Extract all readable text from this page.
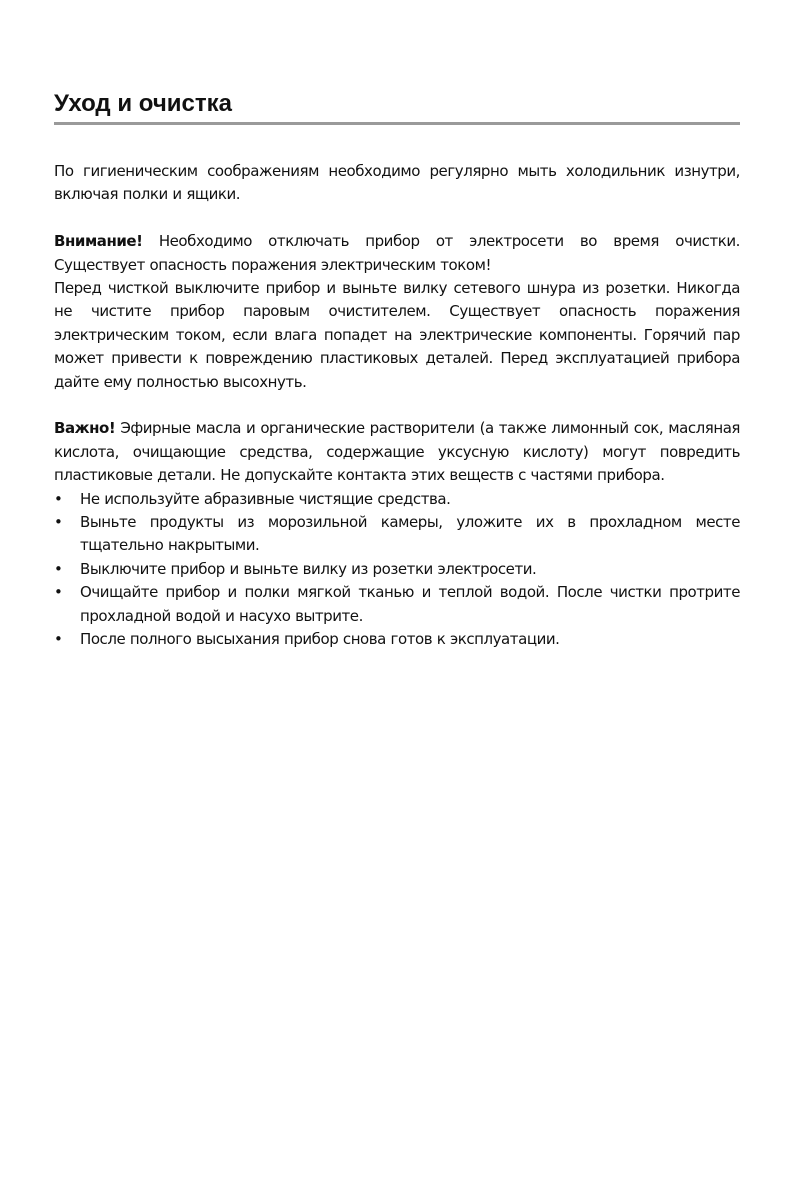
Уход и очистка

По гигиеническим соображениям необходимо регулярно мыть холодильник изнутри, включая полки и ящики.

Внимание! Необходимо отключать прибор от электросети во время очистки. Существует опасность поражения электрическим током!

Перед чисткой выключите прибор и выньте вилку сетевого шнура из розетки. Никогда не чистите прибор паровым очистителем. Существует опасность поражения электрическим током, если влага попадет на электрические компоненты. Горячий пар может привести к повреждению пластиковых деталей. Перед эксплуатацией прибора дайте ему полностью высохнуть.

Важно! Эфирные масла и органические растворители (а также лимонный сок, масляная кислота, очищающие средства, содержащие уксусную кислоту) могут повредить пластиковые детали. Не допускайте контакта этих веществ с частями прибора.

• Не используйте абразивные чистящие средства.
• Выньте продукты из морозильной камеры, уложите их в прохладном месте тщательно накрытыми.
• Выключите прибор и выньте вилку из розетки электросети.
• Очищайте прибор и полки мягкой тканью и теплой водой. После чистки протрите прохладной водой и насухо вытрите.
• После полного высыхания прибор снова готов к эксплуатации.
